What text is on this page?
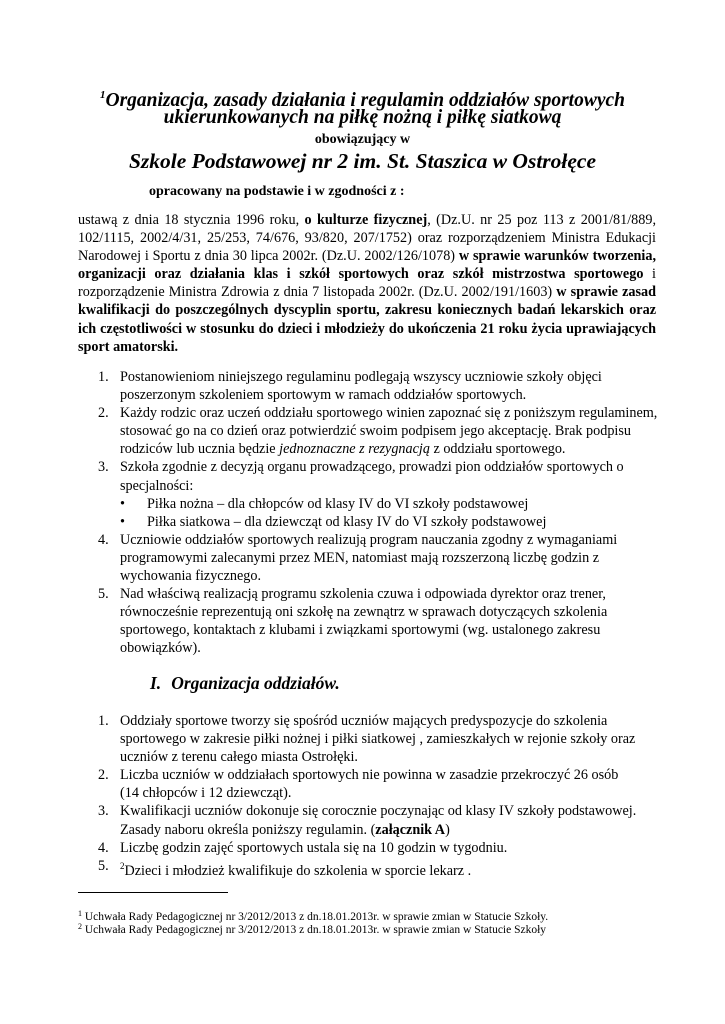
$^1$Organizacja, zasady działania i regulamin oddziałów sportowych
ukierunkowanych na piłkę nożną i piłkę siatkową
obowiązujący w
Szkole Podstawowej nr 2 im. St. Staszica w Ostrołęce
opracowany na podstawie i w zgodności z :
ustawą z dnia 18 stycznia 1996 roku, o kulturze fizycznej, (Dz.U. nr 25 poz 113 z 2001/81/889, 102/1115, 2002/4/31, 25/253, 74/676, 93/820, 207/1752) oraz rozporządzeniem Ministra Edukacji Narodowej i Sportu z dnia 30 lipca 2002r. (Dz.U. 2002/126/1078) w sprawie warunków tworzenia, organizacji oraz działania klas i szkół sportowych oraz szkół mistrzostwa sportowego i rozporządzenie Ministra Zdrowia z dnia 7 listopada 2002r. (Dz.U. 2002/191/1603) w sprawie zasad kwalifikacji do poszczególnych dyscyplin sportu, zakresu koniecznych badań lekarskich oraz ich częstotliwości w stosunku do dzieci i młodzieży do ukończenia 21 roku życia uprawiających sport amatorski.
1. Postanowieniom niniejszego regulaminu podlegają wszyscy uczniowie szkoły objęci poszerzonym szkoleniem sportowym w ramach oddziałów sportowych.
2. Każdy rodzic oraz uczeń oddziału sportowego winien zapoznać się z poniższym regulaminem, stosować go na co dzień oraz potwierdzić swoim podpisem jego akceptację. Brak podpisu rodziców lub ucznia będzie jednoznaczne z rezygnacją z oddziału sportowego.
3. Szkoła zgodnie z decyzją organu prowadzącego, prowadzi pion oddziałów sportowych o specjalności:
• Piłka nożna – dla chłopców od klasy IV do VI szkoły podstawowej
• Piłka siatkowa – dla dziewcząt od klasy IV do VI szkoły podstawowej
4. Uczniowie oddziałów sportowych realizują program nauczania zgodny z wymaganiami programowymi zalecanymi przez MEN, natomiast mają rozszerzoną liczbę godzin z wychowania fizycznego.
5. Nad właściwą realizacją programu szkolenia czuwa i odpowiada dyrektor oraz trener, równocześnie reprezentują oni szkołę na zewnątrz w sprawach dotyczących szkolenia sportowego, kontaktach z klubami i związkami sportowymi (wg. ustalonego zakresu obowiązków).
I. Organizacja oddziałów.
1. Oddziały sportowe tworzy się spośród uczniów mających predyspozycje do szkolenia sportowego w zakresie piłki nożnej i piłki siatkowej , zamieszkałych w rejonie szkoły oraz uczniów z terenu całego miasta Ostrołęki.
2. Liczba uczniów w oddziałach sportowych nie powinna w zasadzie przekroczyć 26 osób
(14 chłopców i 12 dziewcząt).
3. Kwalifikacji uczniów dokonuje się corocznie poczynając od klasy IV szkoły podstawowej. Zasady naboru określa poniższy regulamin. (załącznik A)
4. Liczbę godzin zajęć sportowych ustala się na 10 godzin w tygodniu.
5. $^2$Dzieci i młodzież kwalifikuje do szkolenia w sporcie lekarz .
$^1$ Uchwała Rady Pedagogicznej nr 3/2012/2013 z dn.18.01.2013r. w sprawie zmian w Statucie Szkoły.
$^2$ Uchwała Rady Pedagogicznej nr 3/2012/2013 z dn.18.01.2013r. w sprawie zmian w Statucie Szkoły
